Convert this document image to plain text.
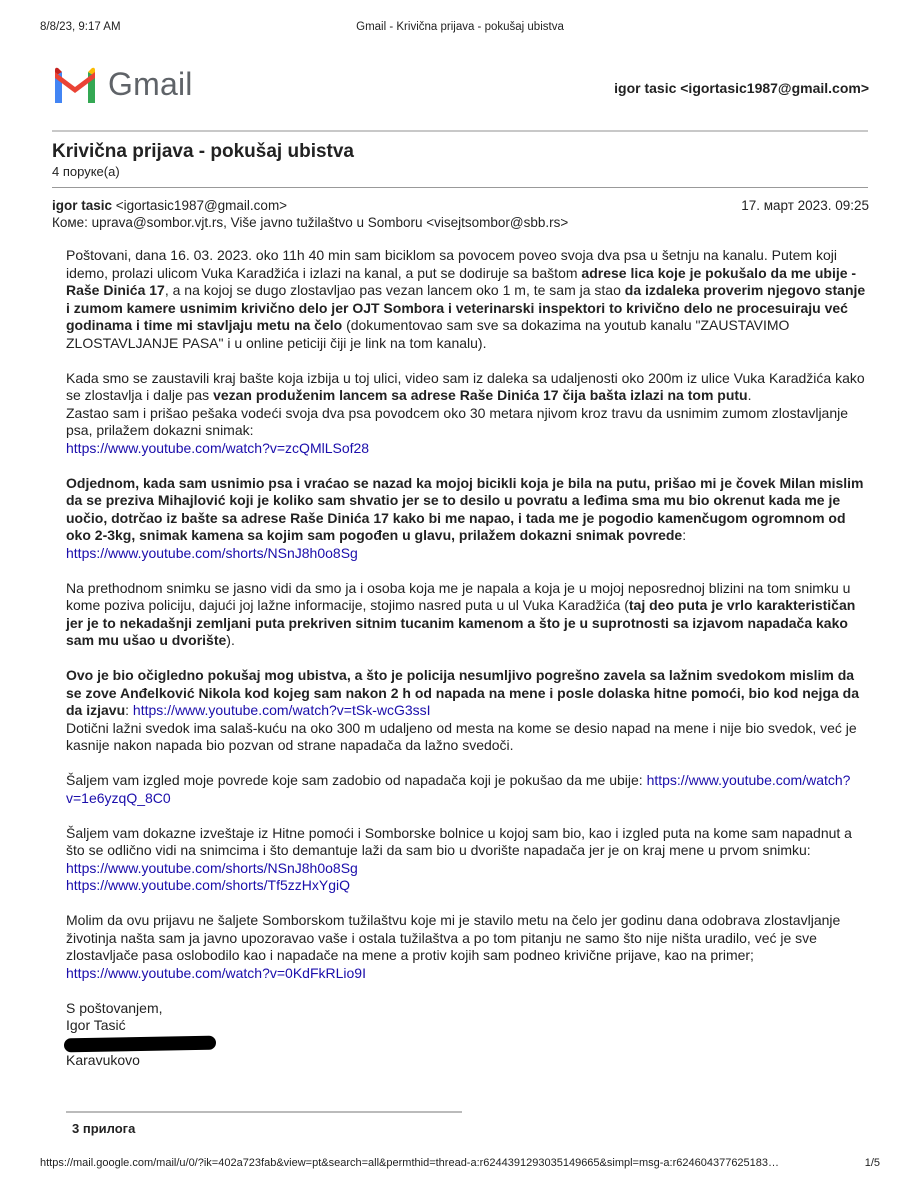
8/8/23, 9:17 AM	Gmail - Krivična prijava - pokušaj ubistva
Gmail	igor tasic <igortasic1987@gmail.com>
Krivična prijava - pokušaj ubistva
4 поруке(а)
igor tasic <igortasic1987@gmail.com>	17. март 2023. 09:25
Коме: uprava@sombor.vjt.rs, Više javno tužilaštvo u Somboru <visejtsombor@sbb.rs>

Poštovani, dana 16. 03. 2023. oko 11h 40 min sam biciklom sa povocem poveo svoja dva psa u šetnju na kanalu. Putem koji idemo, prolazi ulicom Vuka Karadžića i izlazi na kanal, a put se dodiruje sa baštom adrese lica koje je pokušalo da me ubije - Raše Dinića 17, a na kojoj se dugo zlostavljao pas vezan lancem oko 1 m, te sam ja stao da izdaleka proverim njegovo stanje i zumom kamere usnimim krivično delo jer OJT Sombora i veterinarski inspektori to krivično delo ne procesuiraju već godinama i time mi stavljaju metu na čelo (dokumentovao sam sve sa dokazima na youtub kanalu "ZAUSTAVIMO ZLOSTAVLJANJE PASA" i u online peticiji čiji je link na tom kanalu).

Kada smo se zaustavili kraj bašte koja izbija u toj ulici, video sam iz daleka sa udaljenosti oko 200m iz ulice Vuka Karadžića kako se zlostavlja i dalje pas vezan produženim lancem sa adrese Raše Dinića 17 čija bašta izlazi na tom putu.
Zastao sam i prišao pešaka vodeći svoja dva psa povodcem oko 30 metara njivom kroz travu da usnimim zumom zlostavljanje psa, prilažem dokazni snimak:
https://www.youtube.com/watch?v=zcQMlLSof28

Odjednom, kada sam usnimio psa i vraćao se nazad ka mojoj bicikli koja je bila na putu, prišao mi je čovek Milan mislim da se preziva Mihajlović koji je koliko sam shvatio jer se to desilo u povratu a leđima sma mu bio okrenut kada me je uočio, dotrčao iz bašte sa adrese Raše Dinića 17 kako bi me napao, i tada me je pogodio kamenčugom ogromnom od oko 2-3kg, snimak kamena sa kojim sam pogođen u glavu, prilažem dokazni snimak povrede:
https://www.youtube.com/shorts/NSnJ8h0o8Sg

Na prethodnom snimku se jasno vidi da smo ja i osoba koja me je napala a koja je u mojoj neposrednoj blizini na tom snimku u kome poziva policiju, dajući joj lažne informacije, stojimo nasred puta u ul Vuka Karadžića (taj deo puta je vrlo karakterističan jer je to nekadašnji zemljani puta prekriven sitnim tucanim kamenom a što je u suprotnosti sa izjavom napadača kako sam mu ušao u dvorište).

Ovo je bio očigledno pokušaj mog ubistva, a što je policija nesumljivo pogrešno zavela sa lažnim svedokom mislim da se zove Anđelković Nikola kod kojeg sam nakon 2 h od napada na mene i posle dolaska hitne pomoći, bio kod nejga da da izjavu: https://www.youtube.com/watch?v=tSk-wcG3ssI
Dotični lažni svedok ima salaš-kuću na oko 300 m udaljeno od mesta na kome se desio napad na mene i nije bio svedok, već je kasnije nakon napada bio pozvan od strane napadača da lažno svedoči.

Šaljem vam izgled moje povrede koje sam zadobio od napadača koji je pokušao da me ubije: https://www.youtube.com/watch?v=1e6yzqQ_8C0

Šaljem vam dokazne izveštaje iz Hitne pomoći i Somborske bolnice u kojoj sam bio, kao i izgled puta na kome sam napadnut a što se odlično vidi na snimcima i što demantuje laži da sam bio u dvorište napadača jer je on kraj mene u prvom snimku: https://www.youtube.com/shorts/NSnJ8h0o8Sg
https://www.youtube.com/shorts/Tf5zzHxYgiQ

Molim da ovu prijavu ne šaljete Somborskom tužilaštvu koje mi je stavilo metu na čelo jer godinu dana odobrava zlostavljanje životinja našta sam ja javno upozoravao vaše i ostala tužilaštva a po tom pitanju ne samo što nije ništa uradilo, već je sve zlostavljače pasa oslobodilo kao i napadače na mene a protiv kojih sam podneo krivične prijave, kao na primer;
https://www.youtube.com/watch?v=0KdFkRLio9I

S poštovanjem,

Igor Tasić

Karavukovo

3 прилога
https://mail.google.com/mail/u/0/?ik=402a723fab&view=pt&search=all&permthid=thread-a:r6244391293035149665&simpl=msg-a:r624604377625183…	1/5
